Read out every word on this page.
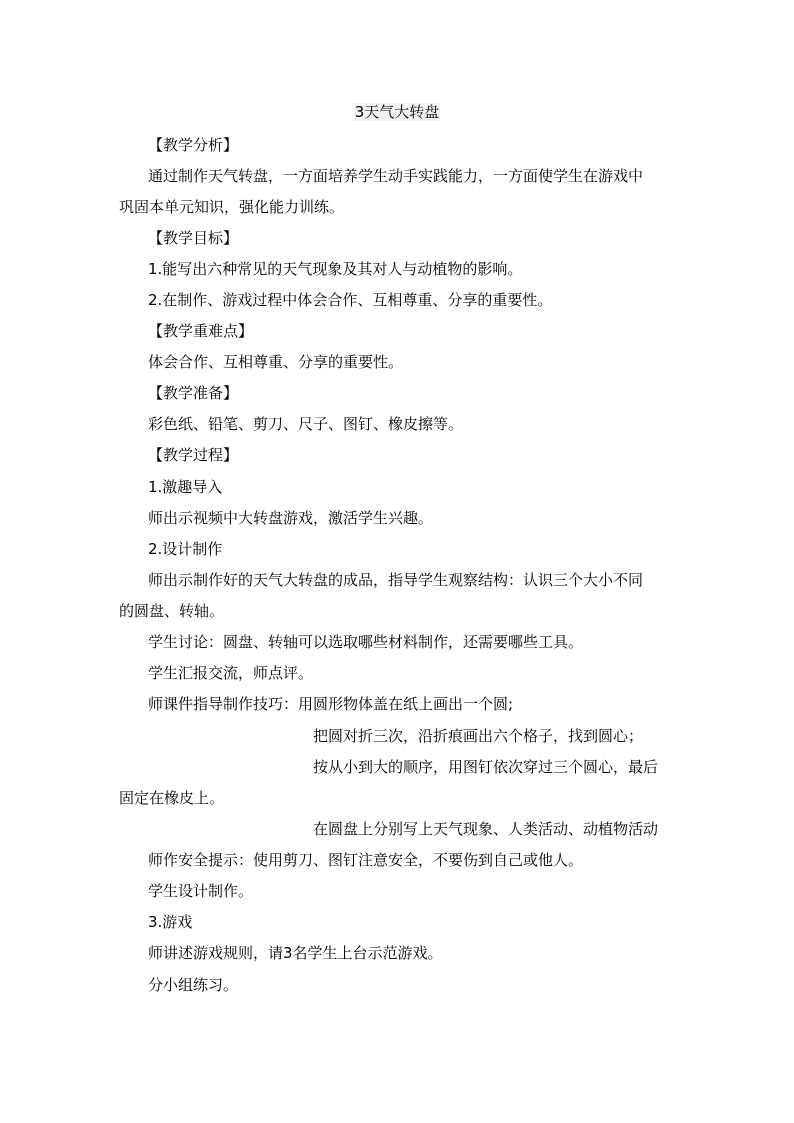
3天气大转盘
【教学分析】
通过制作天气转盘，一方面培养学生动手实践能力，一方面使学生在游戏中
巩固本单元知识，强化能力训练。
【教学目标】
1.能写出六种常见的天气现象及其对人与动植物的影响。
2.在制作、游戏过程中体会合作、互相尊重、分享的重要性。
【教学重难点】
体会合作、互相尊重、分享的重要性。
【教学准备】
彩色纸、铅笔、剪刀、尺子、图钉、橡皮擦等。
【教学过程】
1.激趣导入
师出示视频中大转盘游戏，激活学生兴趣。
2.设计制作
师出示制作好的天气大转盘的成品，指导学生观察结构：认识三个大小不同
的圆盘、转轴。
学生讨论：圆盘、转轴可以选取哪些材料制作，还需要哪些工具。
学生汇报交流，师点评。
师课件指导制作技巧：用圆形物体盖在纸上画出一个圆;
把圆对折三次，沿折痕画出六个格子，找到圆心；
按从小到大的顺序，用图钉依次穿过三个圆心，最后
固定在橡皮上。
在圆盘上分别写上天气现象、人类活动、动植物活动
师作安全提示：使用剪刀、图钉注意安全，不要伤到自己或他人。
学生设计制作。
3.游戏
师讲述游戏规则，请3名学生上台示范游戏。
分小组练习。
